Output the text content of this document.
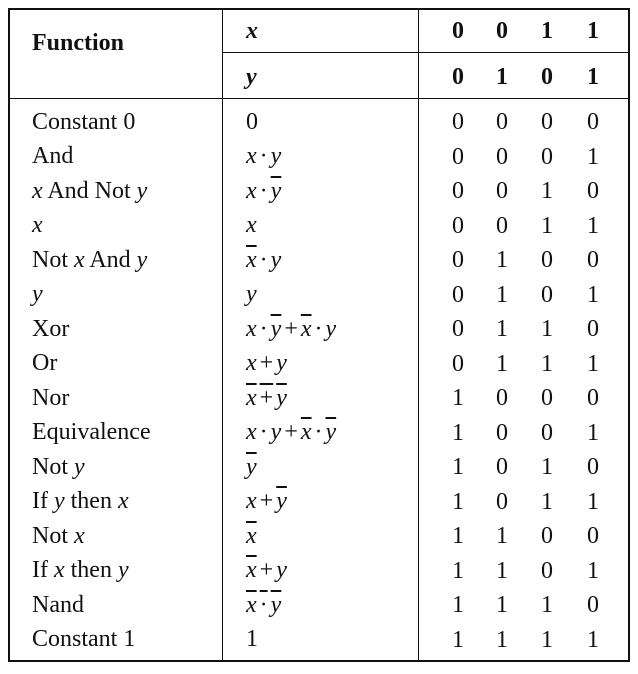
Function	x
y
0 0 1 1
0 1 0 1
Constant 0
And
x And Not y
x
Not x And y
y
Xor
Or
Nor
Equivalence
Not y
If y then x
Not x
If x then y
Nand
Constant 1
0
x · y
$x \cdot \overline{y}$
x
$\overline{x} \cdot y$
y
$x \cdot \overline{y} + \overline{x} \cdot y$
x + y
x + y
$x \cdot y + \overline{x} \cdot \overline{y}$
$\overline{y}$
$x + \overline{y}$
$\overline{x}$
$\overline{x} + y$
x · y
1
0 0 0 0
0 0 0 1
0 0 1 0
0 0 1 1
0 1 0 0
0 1 0 1
0 1 1 0
0 1 1 1
1 0 0 0
1 0 0 1
1 0 1 0
1 0 1 1
1 1 0 0
1 1 0 1
1 1 1 0
1 1 1 1
